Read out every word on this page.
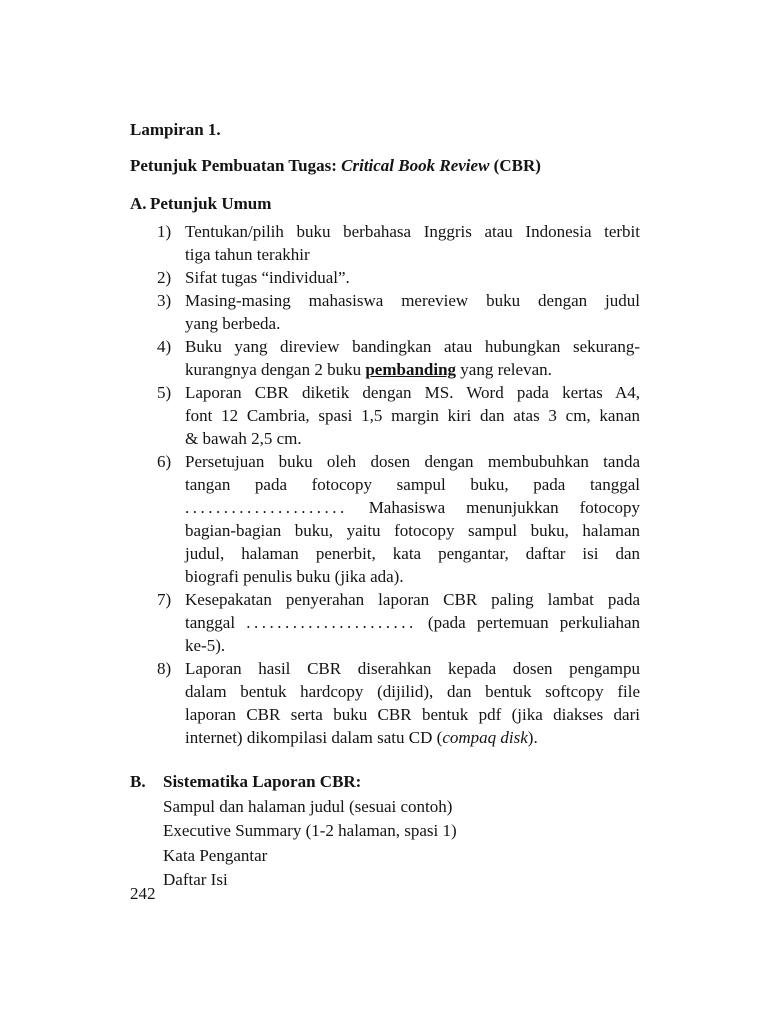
Lampiran 1.
Petunjuk Pembuatan Tugas: Critical Book Review (CBR)
A. Petunjuk Umum
1) Tentukan/pilih buku berbahasa Inggris atau Indonesia terbit
tiga tahun terakhir
2) Sifat tugas “individual”.
3) Masing-masing mahasiswa mereview buku dengan judul
yang berbeda.
4) Buku yang direview bandingkan atau hubungkan sekurang-
kurangnya dengan 2 buku pembanding yang relevan.
5) Laporan CBR diketik dengan MS. Word pada kertas A4,
font 12 Cambria, spasi 1,5 margin kiri dan atas 3 cm, kanan
& bawah 2,5 cm.
6) Persetujuan buku oleh dosen dengan membubuhkan tanda
tangan pada fotocopy sampul buku, pada tanggal
..................... Mahasiswa menunjukkan fotocopy
bagian-bagian buku, yaitu fotocopy sampul buku, halaman
judul, halaman penerbit, kata pengantar, daftar isi dan
biografi penulis buku (jika ada).
7) Kesepakatan penyerahan laporan CBR paling lambat pada
tanggal ...................... (pada pertemuan perkuliahan
ke-5).
8) Laporan hasil CBR diserahkan kepada dosen pengampu
dalam bentuk hardcopy (dijilid), dan bentuk softcopy file
laporan CBR serta buku CBR bentuk pdf (jika diakses dari
internet) dikompilasi dalam satu CD (compaq disk).
B.	Sistematika Laporan CBR:
Sampul dan halaman judul (sesuai contoh)
Executive Summary (1-2 halaman, spasi 1)
Kata Pengantar
Daftar Isi
242
